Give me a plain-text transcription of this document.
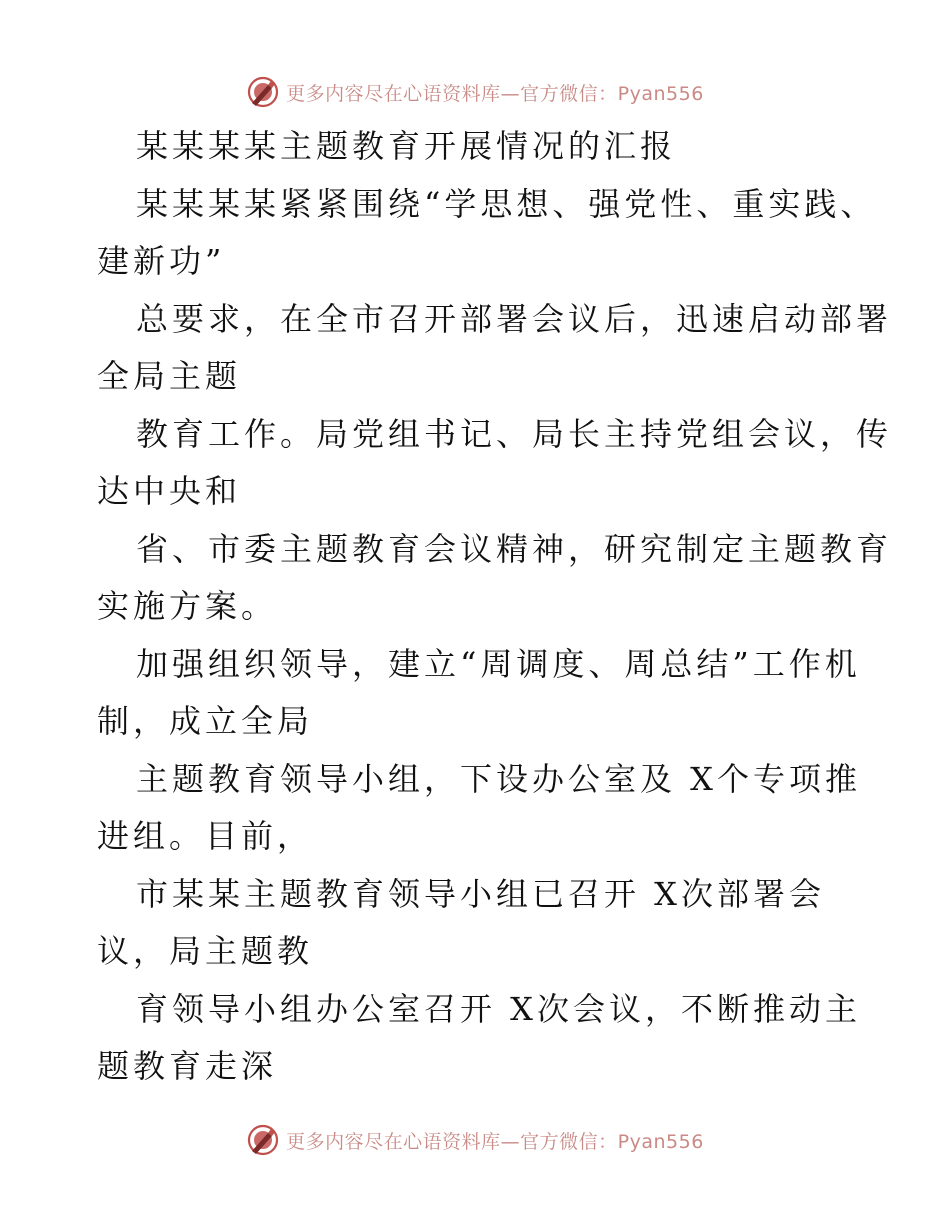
更多内容尽在心语资料库—官方微信：Pyan556
某某某某主题教育开展情况的汇报
某某某某紧紧围绕“学思想、强党性、重实践、
建新功”
总要求，在全市召开部署会议后，迅速启动部署
全局主题
教育工作。局党组书记、局长主持党组会议，传
达中央和
省、市委主题教育会议精神，研究制定主题教育
实施方案。
加强组织领导，建立“周调度、周总结”工作机
制，成立全局
主题教育领导小组，下设办公室及 X个专项推
进组。目前，
市某某主题教育领导小组已召开 X次部署会
议，局主题教
育领导小组办公室召开 X次会议，不断推动主
题教育走深
更多内容尽在心语资料库—官方微信：Pyan556
